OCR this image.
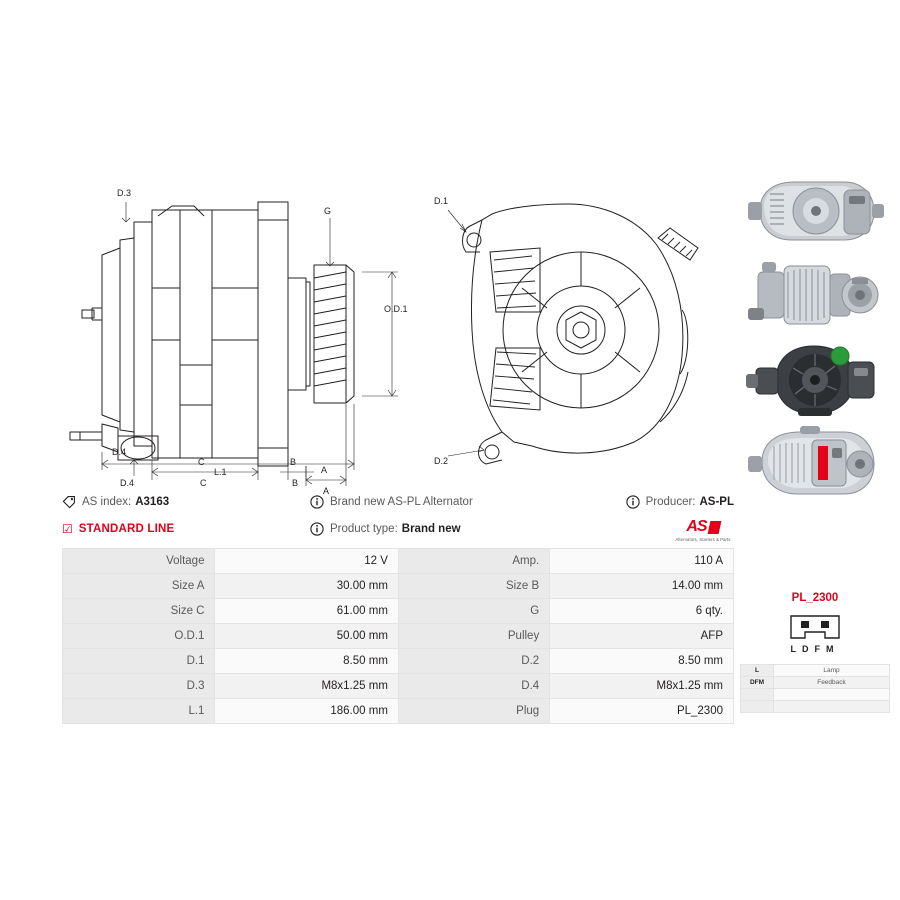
D.3
G
O.D.1
D.1
D.2
D.4	C	B
A
D.4
C	B
A
L.1
AS index: A3163	Brand new AS-PL Alternator	Producer: AS-PL
☑ STANDARD LINE	Product type: Brand new	AS
Alternators, Starters & Parts
Voltage	12 V	Amp.	110 A
Size A	30.00 mm	Size B	14.00 mm
Size C	61.00 mm	G	6 qty.
O.D.1	50.00 mm	Pulley	AFP
D.1	8.50 mm	D.2	8.50 mm
D.3	M8x1.25 mm	D.4	M8x1.25 mm
L.1	186.00 mm	Plug	PL_2300
PL_2300
LDFM
L	Lamp
DFM	Feedback
